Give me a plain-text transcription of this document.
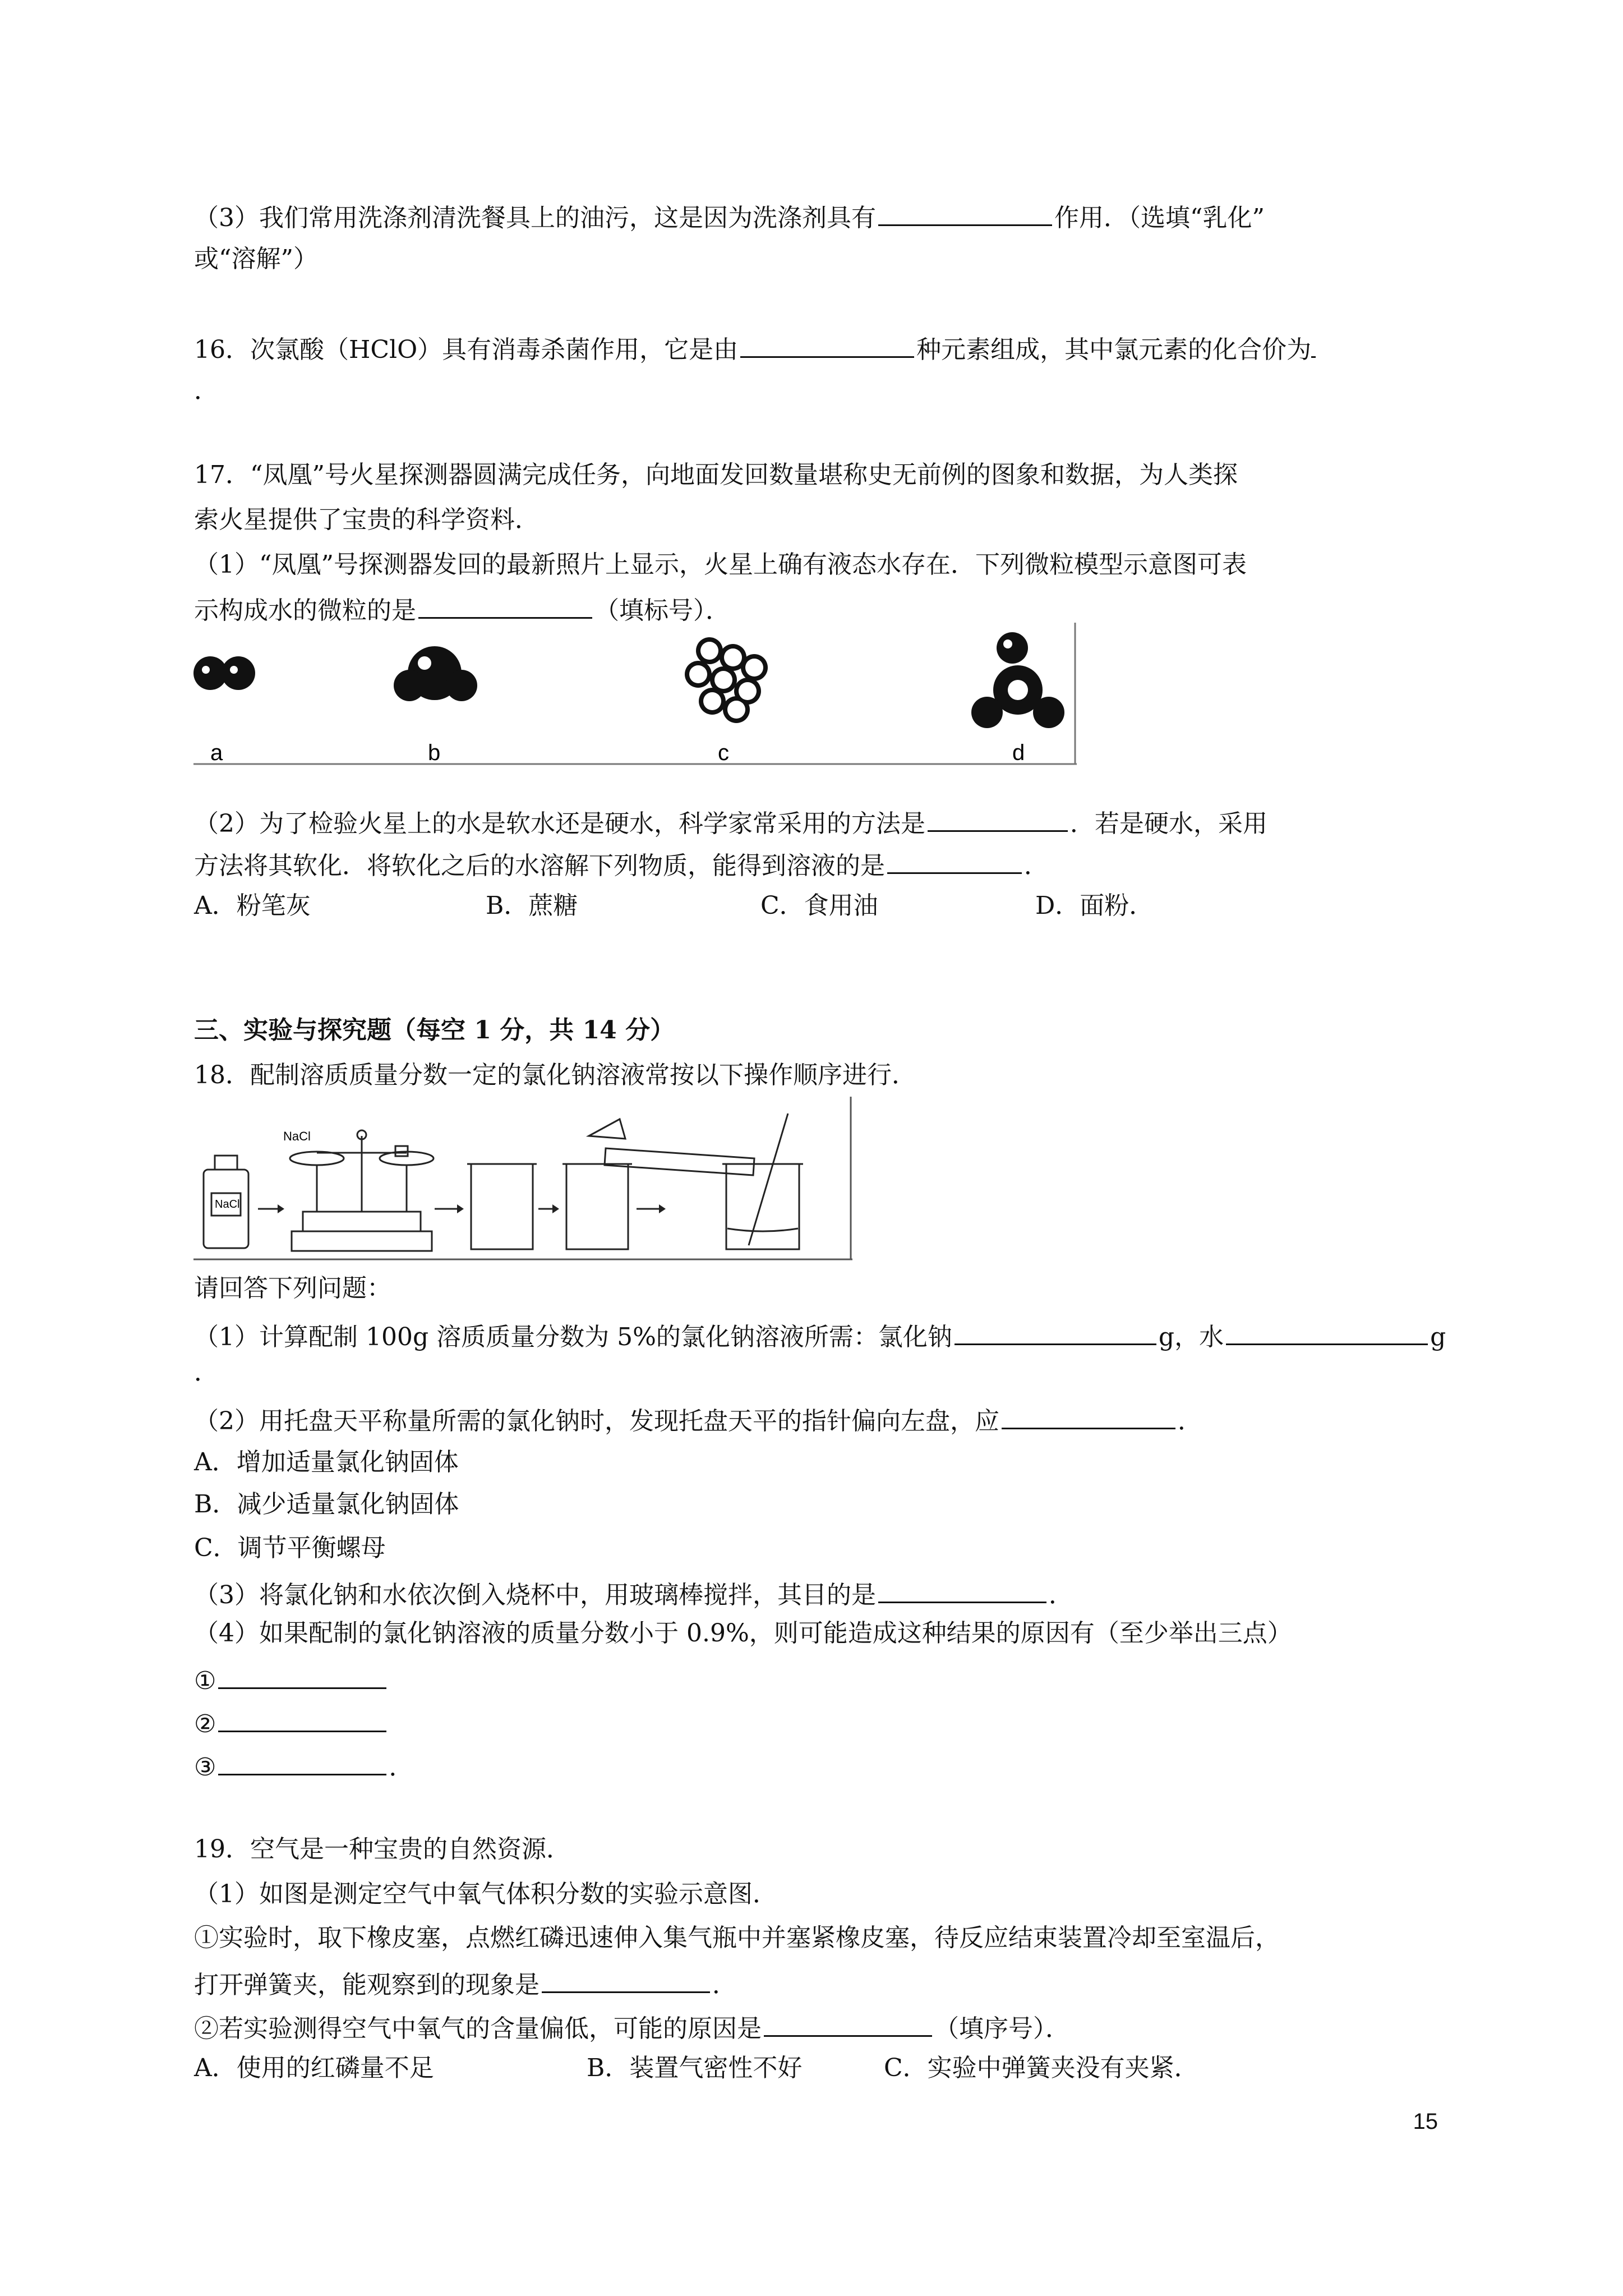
（3）我们常用洗涤剂清洗餐具上的油污，这是因为洗涤剂具有	作用．（选填“乳化”
或“溶解”）
16．次氯酸（HClO）具有消毒杀菌作用，它是由	种元素组成，其中氯元素的化合价为
．
17．“凤凰”号火星探测器圆满完成任务，向地面发回数量堪称史无前例的图象和数据，为人类探
索火星提供了宝贵的科学资料．
（1）“凤凰”号探测器发回的最新照片上显示，火星上确有液态水存在．下列微粒模型示意图可表
示构成水的微粒的是	（填标号）．
a	b	c	d
（2）为了检验火星上的水是软水还是硬水，科学家常采用的方法是	．若是硬水，采用
方法将其软化．将软化之后的水溶解下列物质，能得到溶液的是	．
A．粉笔灰	B．蔗糖	C．食用油	D．面粉．
三、实验与探究题（每空 1 分，共 14 分）
18．配制溶质质量分数一定的氯化钠溶液常按以下操作顺序进行．
NaCl
NaCl
请回答下列问题：
（1）计算配制 100g 溶质质量分数为 5%的氯化钠溶液所需：氯化钠	g，水	g
．
（2）用托盘天平称量所需的氯化钠时，发现托盘天平的指针偏向左盘，应	．
A．增加适量氯化钠固体
B．减少适量氯化钠固体
C．调节平衡螺母
（3）将氯化钠和水依次倒入烧杯中，用玻璃棒搅拌，其目的是	．
（4）如果配制的氯化钠溶液的质量分数小于 0.9%，则可能造成这种结果的原因有（至少举出三点）
①
②
③	．
19．空气是一种宝贵的自然资源．
（1）如图是测定空气中氧气体积分数的实验示意图．
①实验时，取下橡皮塞，点燃红磷迅速伸入集气瓶中并塞紧橡皮塞，待反应结束装置冷却至室温后，
打开弹簧夹，能观察到的现象是	．
②若实验测得空气中氧气的含量偏低，可能的原因是	（填序号）．
A．使用的红磷量不足	B．装置气密性不好	C．实验中弹簧夹没有夹紧．
15
